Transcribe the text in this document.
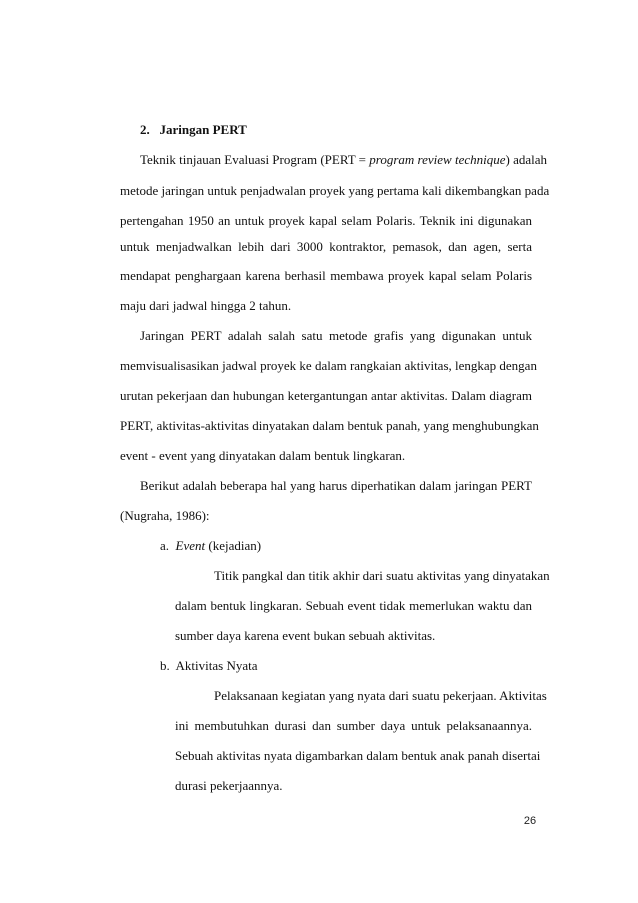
2. Jaringan PERT
Teknik tinjauan Evaluasi Program (PERT = program review technique) adalah
metode jaringan untuk penjadwalan proyek yang pertama kali dikembangkan pada
pertengahan 1950 an untuk proyek kapal selam Polaris. Teknik ini digunakan
untuk menjadwalkan lebih dari 3000 kontraktor, pemasok, dan agen, serta
mendapat penghargaan karena berhasil membawa proyek kapal selam Polaris
maju dari jadwal hingga 2 tahun.
Jaringan PERT adalah salah satu metode grafis yang digunakan untuk
memvisualisasikan jadwal proyek ke dalam rangkaian aktivitas, lengkap dengan
urutan pekerjaan dan hubungan ketergantungan antar aktivitas. Dalam diagram
PERT, aktivitas-aktivitas dinyatakan dalam bentuk panah, yang menghubungkan
event - event yang dinyatakan dalam bentuk lingkaran.
Berikut adalah beberapa hal yang harus diperhatikan dalam jaringan PERT
(Nugraha, 1986):
a. Event (kejadian)
Titik pangkal dan titik akhir dari suatu aktivitas yang dinyatakan
dalam bentuk lingkaran. Sebuah event tidak memerlukan waktu dan
sumber daya karena event bukan sebuah aktivitas.
b. Aktivitas Nyata
Pelaksanaan kegiatan yang nyata dari suatu pekerjaan. Aktivitas
ini membutuhkan durasi dan sumber daya untuk pelaksanaannya.
Sebuah aktivitas nyata digambarkan dalam bentuk anak panah disertai
durasi pekerjaannya.
26
